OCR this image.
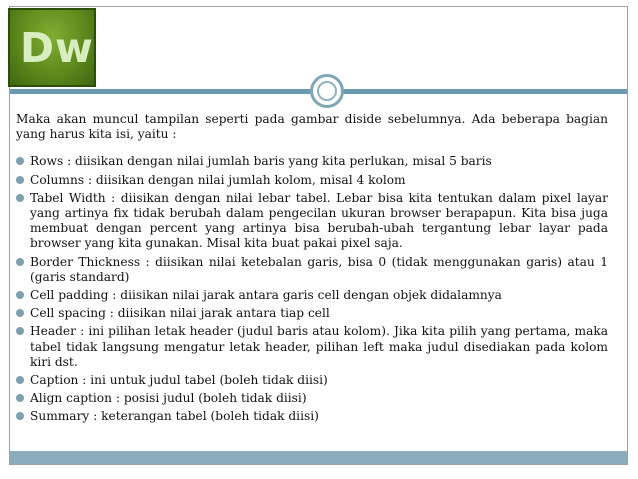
Dw

Maka akan muncul tampilan seperti pada gambar diside sebelumnya. Ada beberapa bagian yang harus kita isi, yaitu :

Rows : diisikan dengan nilai jumlah baris yang kita perlukan, misal 5 baris
Columns : diisikan dengan nilai jumlah kolom, misal 4 kolom
Tabel Width : diisikan dengan nilai lebar tabel. Lebar bisa kita tentukan dalam pixel layar yang artinya fix tidak berubah dalam pengecilan ukuran browser berapapun. Kita bisa juga membuat dengan percent yang artinya bisa berubah-ubah tergantung lebar layar pada browser yang kita gunakan. Misal kita buat pakai pixel saja.
Border Thickness : diisikan nilai ketebalan garis, bisa 0 (tidak menggunakan garis) atau 1 (garis standard)
Cell padding : diisikan nilai jarak antara garis cell dengan objek didalamnya
Cell spacing : diisikan nilai jarak antara tiap cell
Header : ini pilihan letak header (judul baris atau kolom). Jika kita pilih yang pertama, maka tabel tidak langsung mengatur letak header, pilihan left maka judul disediakan pada kolom kiri dst.
Caption : ini untuk judul tabel (boleh tidak diisi)
Align caption : posisi judul (boleh tidak diisi)
Summary : keterangan tabel (boleh tidak diisi)
